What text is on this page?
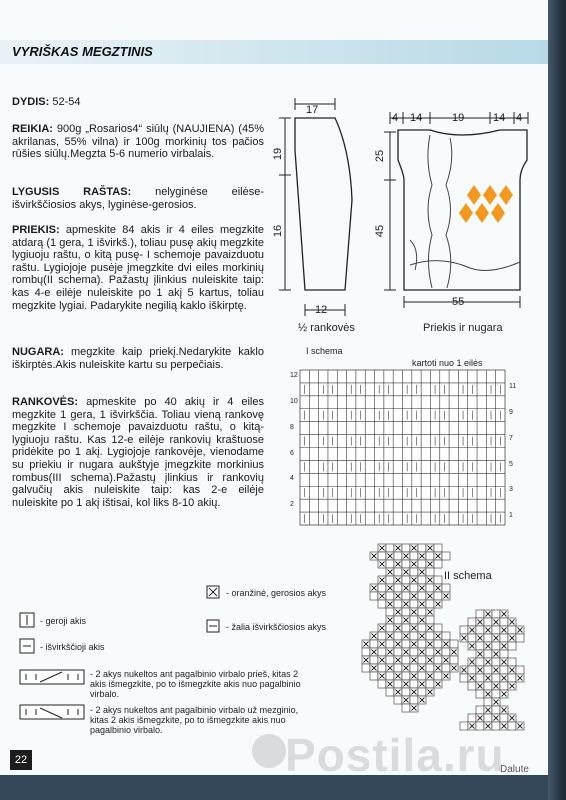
VYRIŠKAS MEGZTINIS
DYDIS: 52-54
REIKIA: 900g „Rosarios4“ siūlų (NAUJIENA) (45% akrilanas, 55% vilna) ir 100g morkinių tos pačios rūšies siūlų.Megzta 5-6 numerio virbalais.
LYGUSIS RAŠTAS: nelyginėse eilėse-išvirkščiosios akys, lyginėse-gerosios.
PRIEKIS: apmeskite 84 akis ir 4 eiles megzkite atdarą (1 gera, 1 išvirkš.), toliau pusę akių megzkite lygiuoju raštu, o kitą pusę- I schemoje pavaizduotu raštu. Lygiojoje pusėje įmegzkite dvi eiles morkinių rombų(II schema). Pažastų įlinkius nuleiskite taip: kas 4-e eilėje nuleiskite po 1 akį 5 kartus, toliau megzkite lygiai. Padarykite negilią kaklo iškirptę.
NUGARA: megzkite kaip priekį.Nedarykite kaklo iškirptės.Akis nuleiskite kartu su perpečiais.
RANKOVĖS: apmeskite po 40 akių ir 4 eiles megzkite 1 gera, 1 išvirkščia. Toliau vieną rankovę megzkite I schemoje pavaizduotu raštu, o kitą-lygiuoju raštu. Kas 12-e eilėje rankovių kraštuose pridėkite po 1 akį. Lygiojoje rankovėje, vienodame su priekiu ir nugara aukštyje įmegzkite morkinius rombus(III schema).Pažastų įlinkius ir rankovių galvučių akis nuleiskite taip: kas 2-e eilėje nuleiskite po 1 akį ištisai, kol liks 8-10 akių.
17
19
16
12
½ rankovės
4 14	19	14 4
25
45
55
Priekis ir nugara
I schema
kartoti nuo 1 eilės
12
10
8
6
4
2
11
9
7
5
3
1
II schema
- oranžinė, gerosios akys
- žalia išvirkščiosios akys
- geroji akis
- išvirkščioji akis
- 2 akys nukeltos ant pagalbinio virbalo prieš, kitas 2 akis išmegzkite, po to išmegzkite akis nuo pagalbinio virbalo.
- 2 akys nukeltos ant pagalbinio virbalo už mezginio, kitas 2 akis išmegzkite, po to išmegzkite akis nuo pagalbinio virbalo.	Postila.ru
22
Dalute
